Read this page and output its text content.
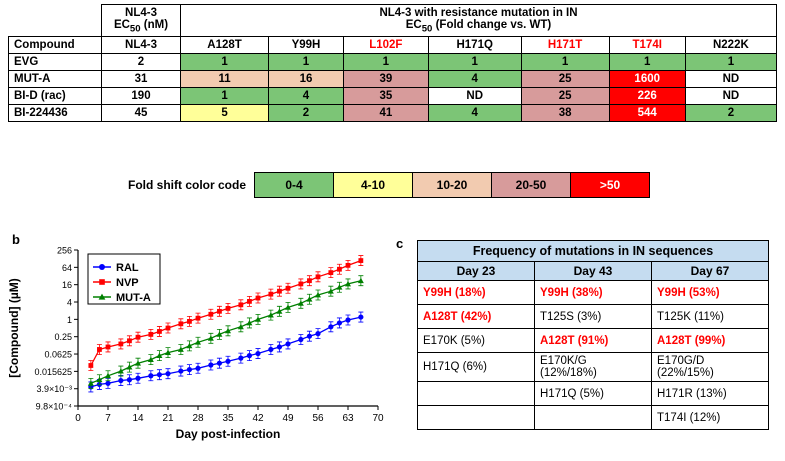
NL4-3
$EC_{50}$ (nM)

NL4-3 with resistance mutation in IN
$EC_{50}$ (Fold change vs. WT)

Compound	NL4-3	A128T	Y99H	L102F	H171Q	H171T	T174I	N222K
EVG	2	1	1	1	1	1	1	1
MUT-A	31	11	16	39	4	25	1600	ND
BI-D (rac)	190	1	4	35	ND	25	226	ND
BI-224436	45	5	2	41	4	38	544	2
Fold shift color code	0-4	4-10	10-20	20-50	>50
b
9.8×10⁻⁴
3.9×10⁻³
0.015625
0.0625
0.25
1
4
16
64
256
0 7 14 21 28 35 42 49 56 63 70
Day post-infection
[Compound] (µM)
RAL
NVP
MUT-A
c	Frequency of mutations in IN sequences		
Day 23	Day 43	Day 67
Y99H (18%)	Y99H (38%)	Y99H (53%)
A128T (42%)	T125S (3%)	T125K (11%)
E170K (5%)	A128T (91%)	A128T (99%)
H171Q (6%)	E170K/G (12%/18%)	E170G/D (22%/15%)
	H171Q (5%)	H171R (13%)
		T174I (12%)
